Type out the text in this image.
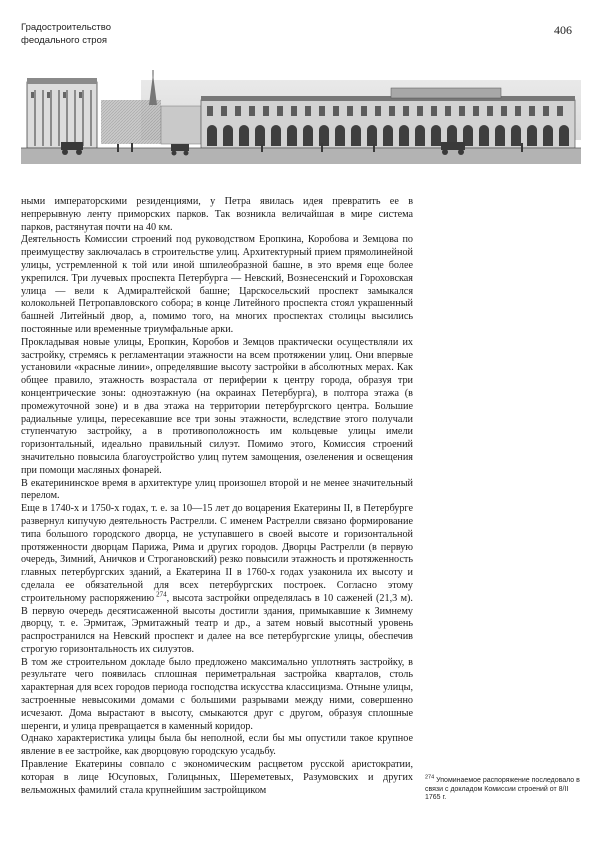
Градостроительство
феодального строя
406

ными императорскими резиденциями, у Петра явилась идея превратить ее в непрерывную ленту приморских парков. Так возникла величайшая в мире система парков, растянутая почти на 40 км.

Деятельность Комиссии строений под руководством Еропкина, Коробова и Земцова по преимуществу заключалась в строительстве улиц. Архитектурный прием прямолинейной улицы, устремленной к той или иной шпилеобразной башне, в это время еще более укрепился. Три лучевых проспекта Петербурга — Невский, Вознесенский и Гороховская улица — вели к Адмиралтейской башне; Царскосельский проспект замыкался колокольней Петропавловского собора; в конце Литейного проспекта стоял украшенный башней Литейный двор, а, помимо того, на многих проспектах столицы высились постоянные или временные триумфальные арки.

Прокладывая новые улицы, Еропкин, Коробов и Земцов практически осуществляли их застройку, стремясь к регламентации этажности на всем протяжении улиц. Они впервые установили «красные линии», определявшие высоту застройки в абсолютных мерах. Как общее правило, этажность возрастала от периферии к центру города, образуя три концентрические зоны: одноэтажную (на окраинах Петербурга), в полтора этажа (в промежуточной зоне) и в два этажа на территории петербургского центра. Большие радиальные улицы, пересекавшие все три зоны этажности, вследствие этого получали ступенчатую застройку, а в противоположность им кольцевые улицы имели горизонтальный, идеально правильный силуэт. Помимо этого, Комиссия строений значительно повысила благоустройство улиц путем замощения, озеленения и освещения при помощи масляных фонарей.

В екатерининское время в архитектуре улиц произошел второй и не менее значительный перелом.

Еще в 1740-х и 1750-х годах, т. е. за 10—15 лет до воцарения Екатерины II, в Петербурге развернул кипучую деятельность Растрелли. С именем Растрелли связано формирование типа большого городского дворца, не уступавшего в своей высоте и горизонтальной протяженности дворцам Парижа, Рима и других городов. Дворцы Растрелли (в первую очередь, Зимний, Аничков и Строгановский) резко повысили этажность и протяженность главных петербургских зданий, а Екатерина II в 1760-х годах узаконила их высоту и сделала ее обязательной для всех петербургских построек. Согласно этому строительному распоряжению  $^{274}$, высота застройки определялась в 10 саженей (21,3 м). В первую очередь десятисаженной высоты достигли здания, примыкавшие к Зимнему дворцу, т. е. Эрмитаж, Эрмитажный театр и др., а затем новый высотный уровень распространился на Невский проспект и далее на все петербургские улицы, обеспечив строгую горизонтальность их силуэтов.

В том же строительном докладе было предложено максимально уплотнять застройку, в результате чего появилась сплошная периметральная застройка кварталов, столь характерная для всех городов периода господства искусства классицизма. Отныне улицы, застроенные невысокими домами с большими разрывами между ними, совершенно исчезают. Дома вырастают в высоту, смыкаются друг с другом, образуя сплошные шеренги, и улица превращается в каменный коридор.

Однако характеристика улицы была бы неполной, если бы мы опустили такое крупное явление в ее застройке, как дворцовую городскую усадьбу.

Правление Екатерины совпало с экономическим расцветом русской аристократии, которая в лице Юсуповых, Голицыных, Шереметевых, Разумовских и других вельможных фамилий стала крупнейшим застройщиком

$^{274}$ Упоминаемое распоряжение последовало в связи с докладом Комиссии строений от 8/II 1765 г.
